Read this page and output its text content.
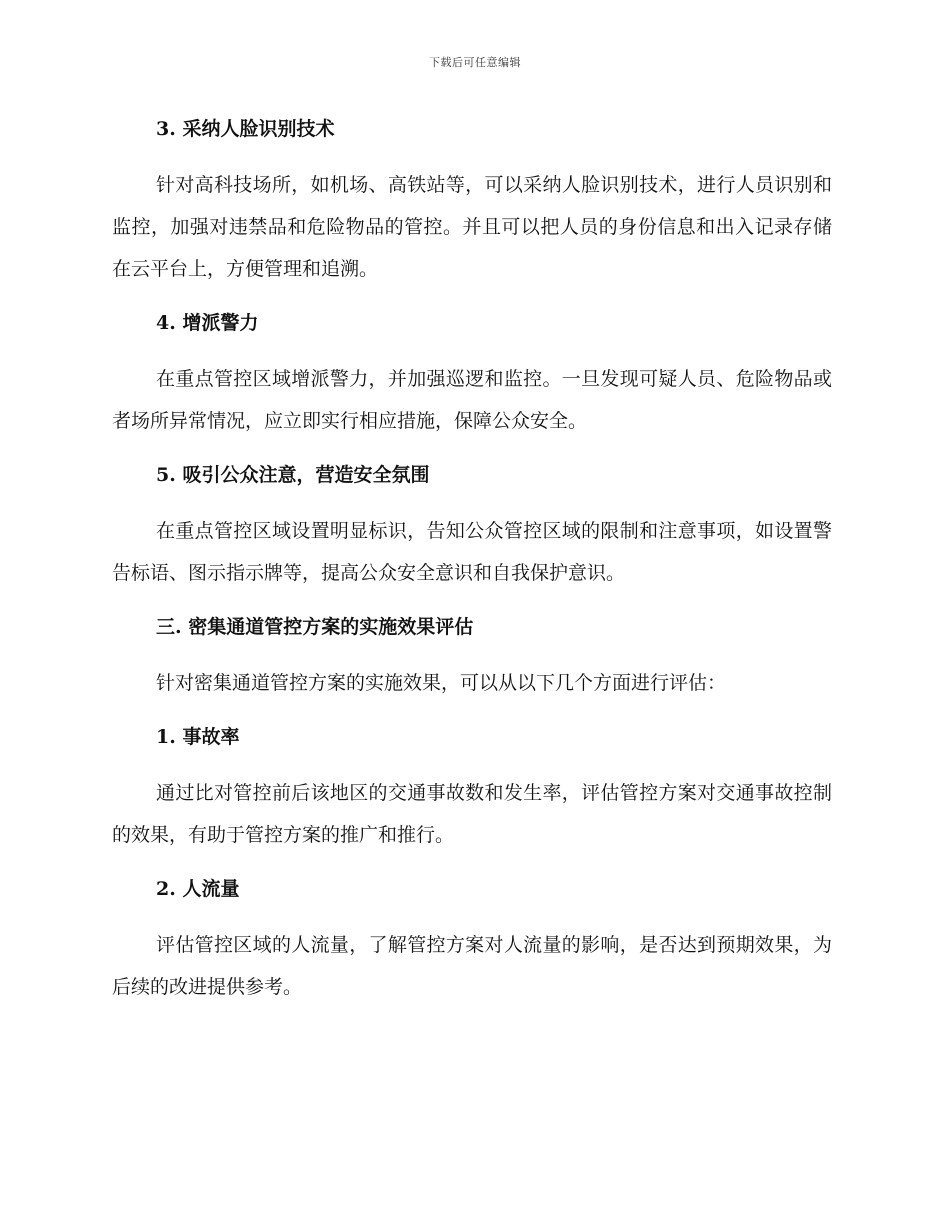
下载后可任意编辑

3. 采纳人脸识别技术

针对高科技场所，如机场、高铁站等，可以采纳人脸识别技术，进行人员识别和监控，加强对违禁品和危险物品的管控。并且可以把人员的身份信息和出入记录存储在云平台上，方便管理和追溯。

4. 增派警力

在重点管控区域增派警力，并加强巡逻和监控。一旦发现可疑人员、危险物品或者场所异常情况，应立即实行相应措施，保障公众安全。

5. 吸引公众注意，营造安全氛围

在重点管控区域设置明显标识，告知公众管控区域的限制和注意事项，如设置警告标语、图示指示牌等，提高公众安全意识和自我保护意识。

三. 密集通道管控方案的实施效果评估

针对密集通道管控方案的实施效果，可以从以下几个方面进行评估：

1. 事故率

通过比对管控前后该地区的交通事故数和发生率，评估管控方案对交通事故控制的效果，有助于管控方案的推广和推行。

2. 人流量

评估管控区域的人流量，了解管控方案对人流量的影响，是否达到预期效果，为后续的改进提供参考。
